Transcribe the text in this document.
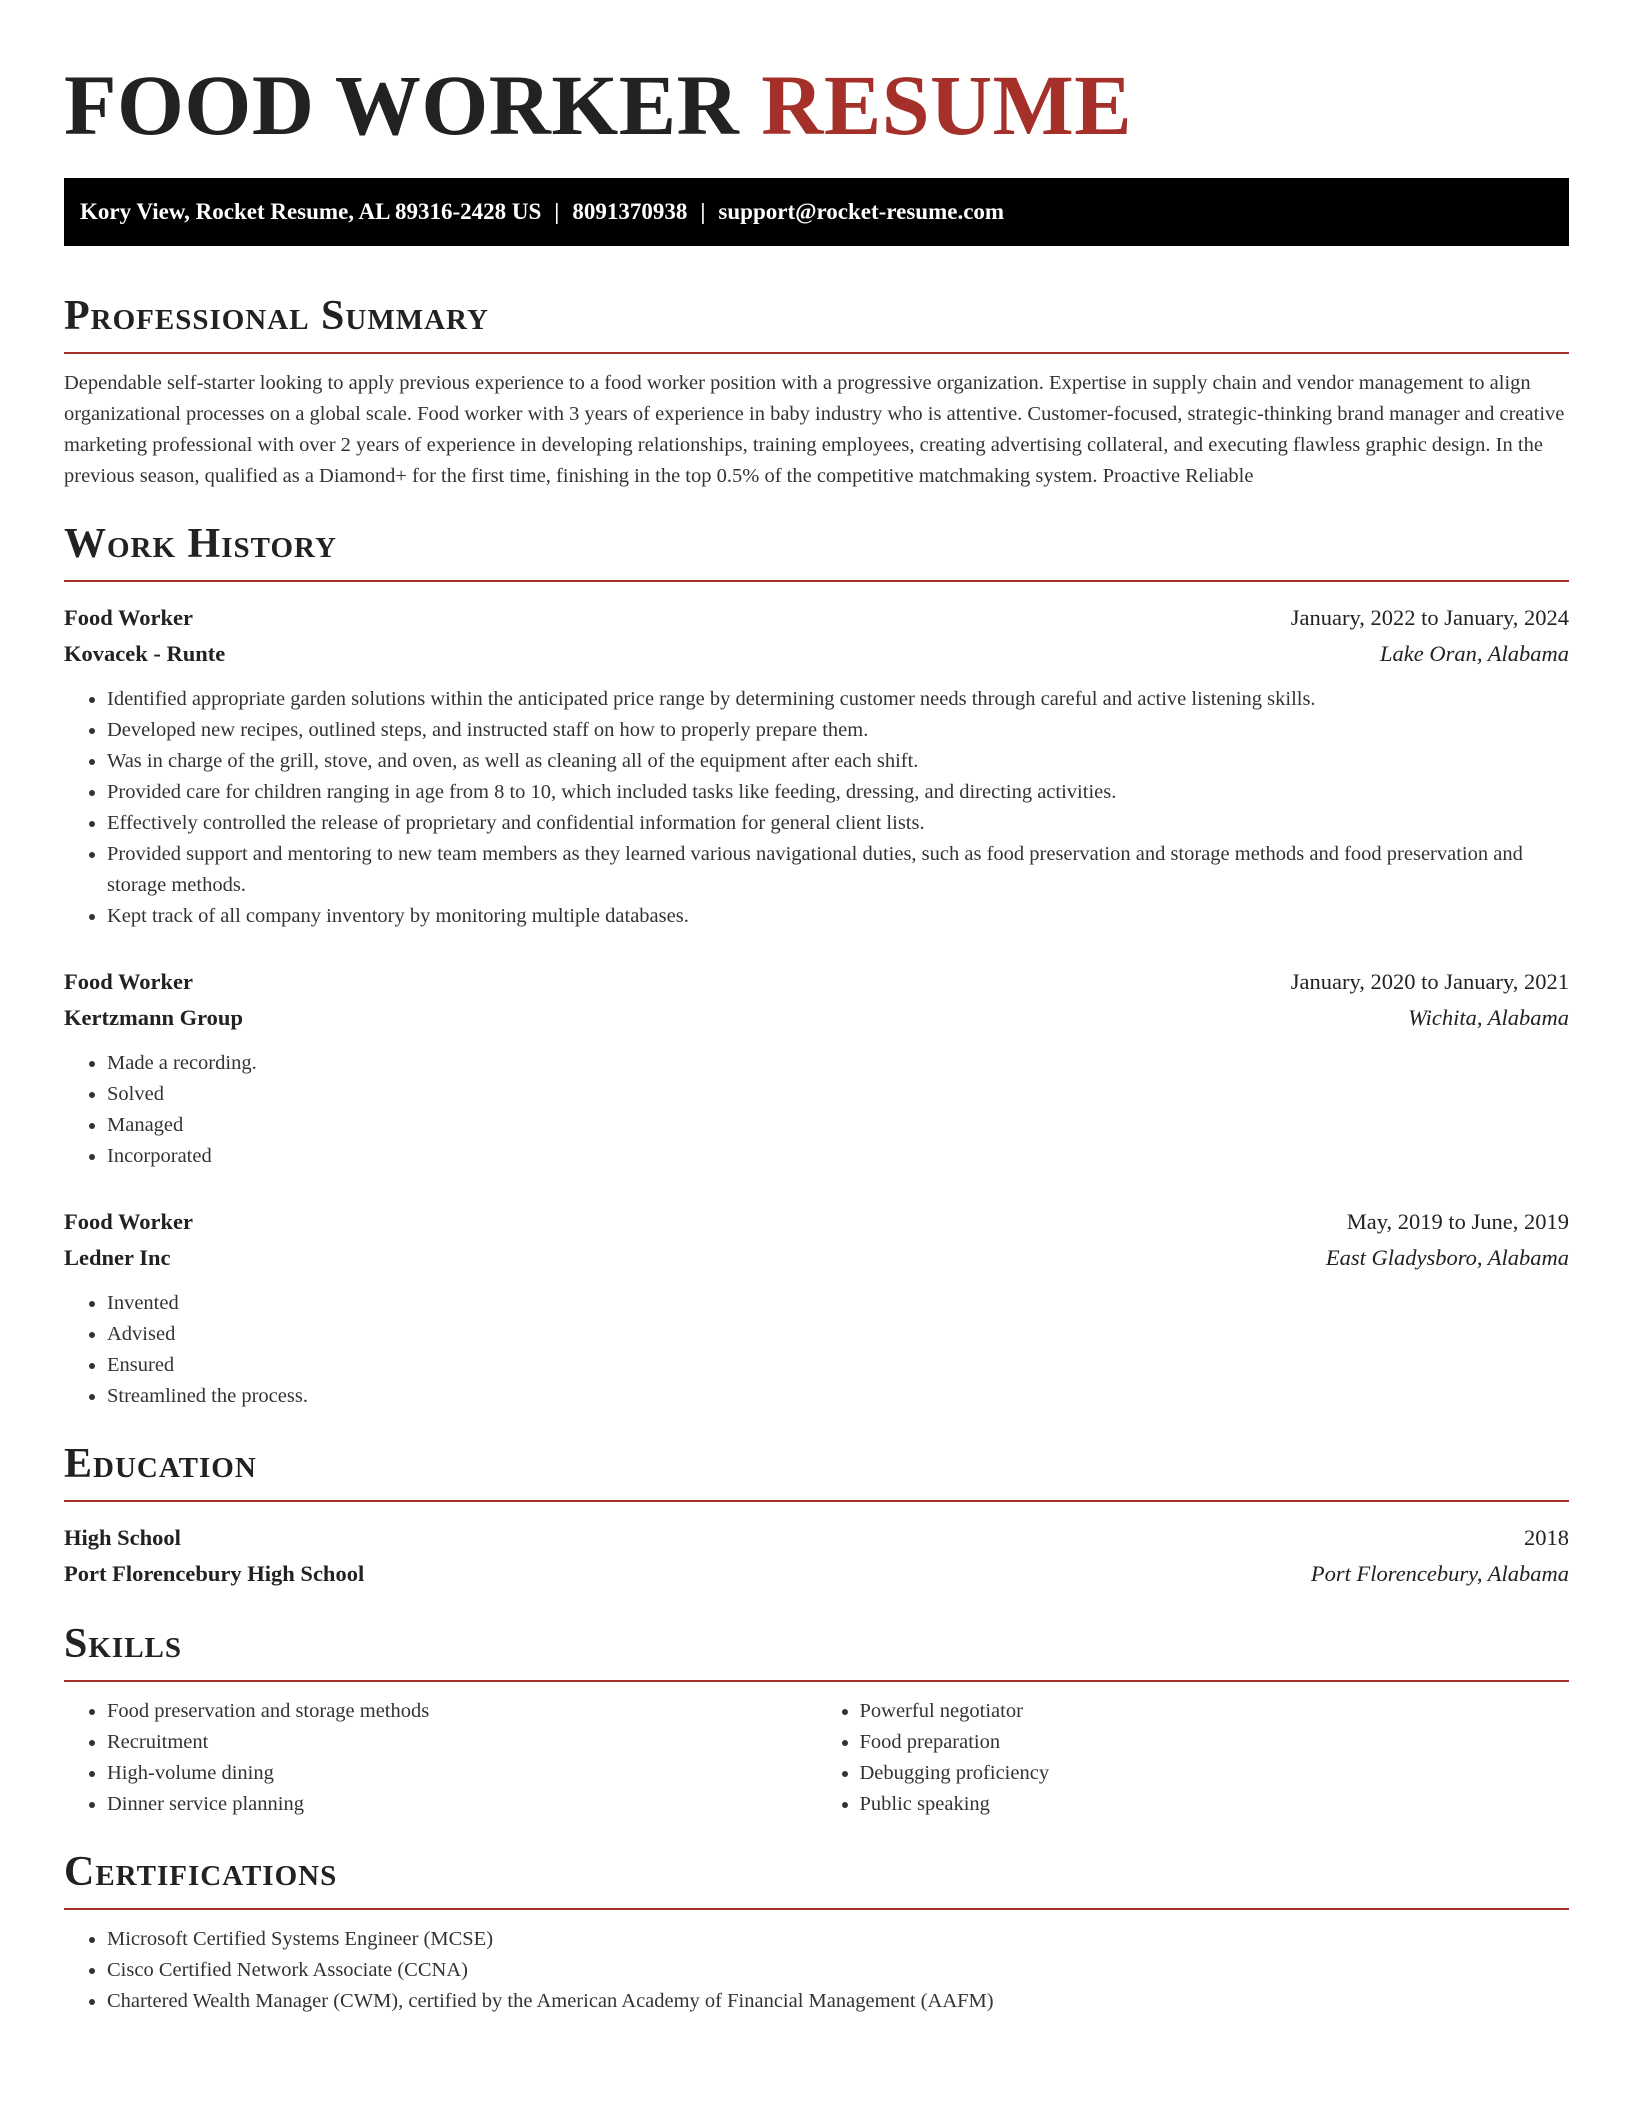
FOOD WORKER RESUME
Kory View, Rocket Resume, AL 89316-2428 US | 8091370938 | support@rocket-resume.com
Professional Summary

Dependable self-starter looking to apply previous experience to a food worker position with a progressive organization. Expertise in supply chain and vendor management to align organizational processes on a global scale. Food worker with 3 years of experience in baby industry who is attentive. Customer-focused, strategic-thinking brand manager and creative marketing professional with over 2 years of experience in developing relationships, training employees, creating advertising collateral, and executing flawless graphic design. In the previous season, qualified as a Diamond+ for the first time, finishing in the top 0.5% of the competitive matchmaking system. Proactive Reliable

Work History
Food Worker	January, 2022 to January, 2024
Kovacek - Runte	Lake Oran, Alabama
• Identified appropriate garden solutions within the anticipated price range by determining customer needs through careful and active listening skills.
• Developed new recipes, outlined steps, and instructed staff on how to properly prepare them.
• Was in charge of the grill, stove, and oven, as well as cleaning all of the equipment after each shift.
• Provided care for children ranging in age from 8 to 10, which included tasks like feeding, dressing, and directing activities.
• Effectively controlled the release of proprietary and confidential information for general client lists.
• Provided support and mentoring to new team members as they learned various navigational duties, such as food preservation and storage methods and food preservation and storage methods.
• Kept track of all company inventory by monitoring multiple databases.
Food Worker	January, 2020 to January, 2021
Kertzmann Group	Wichita, Alabama
• Made a recording.
• Solved
• Managed
• Incorporated
Food Worker	May, 2019 to June, 2019
Ledner Inc	East Gladysboro, Alabama
• Invented
• Advised
• Ensured
• Streamlined the process.
Education
High School	2018
Port Florencebury High School	Port Florencebury, Alabama
Skills
• Food preservation and storage methods
• Recruitment
• High-volume dining
• Dinner service planning
• Powerful negotiator
• Food preparation
• Debugging proficiency
• Public speaking
Certifications
• Microsoft Certified Systems Engineer (MCSE)
• Cisco Certified Network Associate (CCNA)
• Chartered Wealth Manager (CWM), certified by the American Academy of Financial Management (AAFM)
